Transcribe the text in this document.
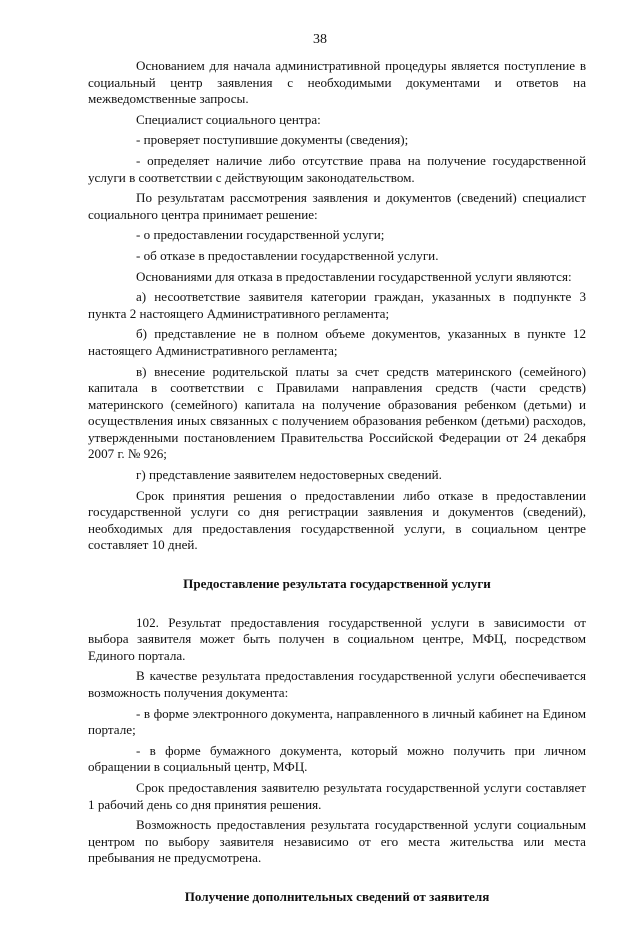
38

Основанием для начала административной процедуры является поступление в социальный центр заявления с необходимыми документами и ответов на межведомственные запросы.

Специалист социального центра:

- проверяет поступившие документы (сведения);

- определяет наличие либо отсутствие права на получение государственной услуги в соответствии с действующим законодательством.

По результатам рассмотрения заявления и документов (сведений) специалист социального центра принимает решение:

- о предоставлении государственной услуги;

- об отказе в предоставлении государственной услуги.

Основаниями для отказа в предоставлении государственной услуги являются:

а) несоответствие заявителя категории граждан, указанных в подпункте 3 пункта 2 настоящего Административного регламента;

б) представление не в полном объеме документов, указанных в пункте 12 настоящего Административного регламента;

в) внесение родительской платы за счет средств материнского (семейного) капитала в соответствии с Правилами направления средств (части средств) материнского (семейного) капитала на получение образования ребенком (детьми) и осуществления иных связанных с получением образования ребенком (детьми) расходов, утвержденными постановлением Правительства Российской Федерации от 24 декабря 2007 г. № 926;

г) представление заявителем недостоверных сведений.

Срок принятия решения о предоставлении либо отказе в предоставлении государственной услуги со дня регистрации заявления и документов (сведений), необходимых для предоставления государственной услуги, в социальном центре составляет 10 дней.

Предоставление результата государственной услуги

102. Результат предоставления государственной услуги в зависимости от выбора заявителя может быть получен в социальном центре, МФЦ, посредством Единого портала.

В качестве результата предоставления государственной услуги обеспечивается возможность получения документа:

- в форме электронного документа, направленного в личный кабинет на Едином портале;

- в форме бумажного документа, который можно получить при личном обращении в социальный центр, МФЦ.

Срок предоставления заявителю результата государственной услуги составляет 1 рабочий день со дня принятия решения.

Возможность предоставления результата государственной услуги социальным центром по выбору заявителя независимо от его места жительства или места пребывания не предусмотрена.

Получение дополнительных сведений от заявителя
